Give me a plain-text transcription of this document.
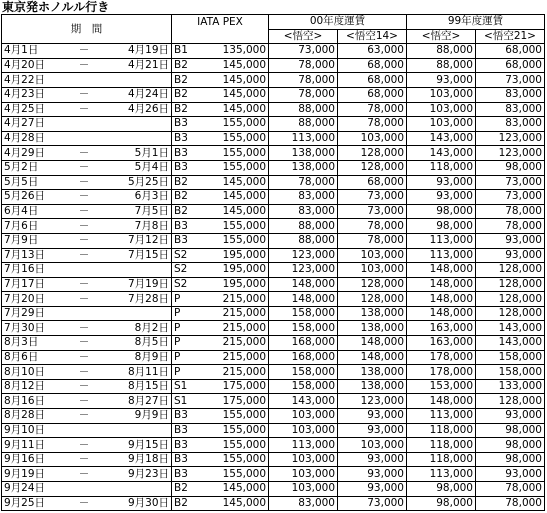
東京発ホノルル行き
期　間			IATA PEX		00年度運賃		99年度運賃	
					<悟空>	<悟空14>	<悟空>	<悟空21>
4月1日	－	4月19日	B1	135,000	73,000	63,000	88,000	68,000
4月20日	－	4月21日	B2	145,000	78,000	68,000	88,000	68,000
4月22日			B2	145,000	78,000	68,000	93,000	73,000
4月23日	－	4月24日	B2	145,000	78,000	68,000	103,000	83,000
4月25日	－	4月26日	B2	145,000	88,000	78,000	103,000	83,000
4月27日			B3	155,000	88,000	78,000	103,000	83,000
4月28日			B3	155,000	113,000	103,000	143,000	123,000
4月29日	－	5月1日	B3	155,000	138,000	128,000	143,000	123,000
5月2日	－	5月4日	B3	155,000	138,000	128,000	118,000	98,000
5月5日	－	5月25日	B2	145,000	78,000	68,000	93,000	73,000
5月26日	－	6月3日	B2	145,000	83,000	73,000	93,000	73,000
6月4日	－	7月5日	B2	145,000	83,000	73,000	98,000	78,000
7月6日	－	7月8日	B3	155,000	88,000	78,000	98,000	78,000
7月9日	－	7月12日	B3	155,000	88,000	78,000	113,000	93,000
7月13日	－	7月15日	S2	195,000	123,000	103,000	113,000	93,000
7月16日			S2	195,000	123,000	103,000	148,000	128,000
7月17日	－	7月19日	S2	195,000	148,000	128,000	148,000	128,000
7月20日	－	7月28日	P	215,000	148,000	128,000	148,000	128,000
7月29日			P	215,000	158,000	138,000	148,000	128,000
7月30日	－	8月2日	P	215,000	158,000	138,000	163,000	143,000
8月3日	－	8月5日	P	215,000	168,000	148,000	163,000	143,000
8月6日	－	8月9日	P	215,000	168,000	148,000	178,000	158,000
8月10日	－	8月11日	P	215,000	158,000	138,000	178,000	158,000
8月12日	－	8月15日	S1	175,000	158,000	138,000	153,000	133,000
8月16日	－	8月27日	S1	175,000	143,000	123,000	148,000	128,000
8月28日	－	9月9日	B3	155,000	103,000	93,000	113,000	93,000
9月10日			B3	155,000	103,000	93,000	118,000	98,000
9月11日	－	9月15日	B3	155,000	113,000	103,000	118,000	98,000
9月16日	－	9月18日	B3	155,000	103,000	93,000	118,000	98,000
9月19日	－	9月23日	B3	155,000	103,000	93,000	113,000	93,000
9月24日			B2	145,000	103,000	93,000	98,000	78,000
9月25日	－	9月30日	B2	145,000	83,000	73,000	98,000	78,000
